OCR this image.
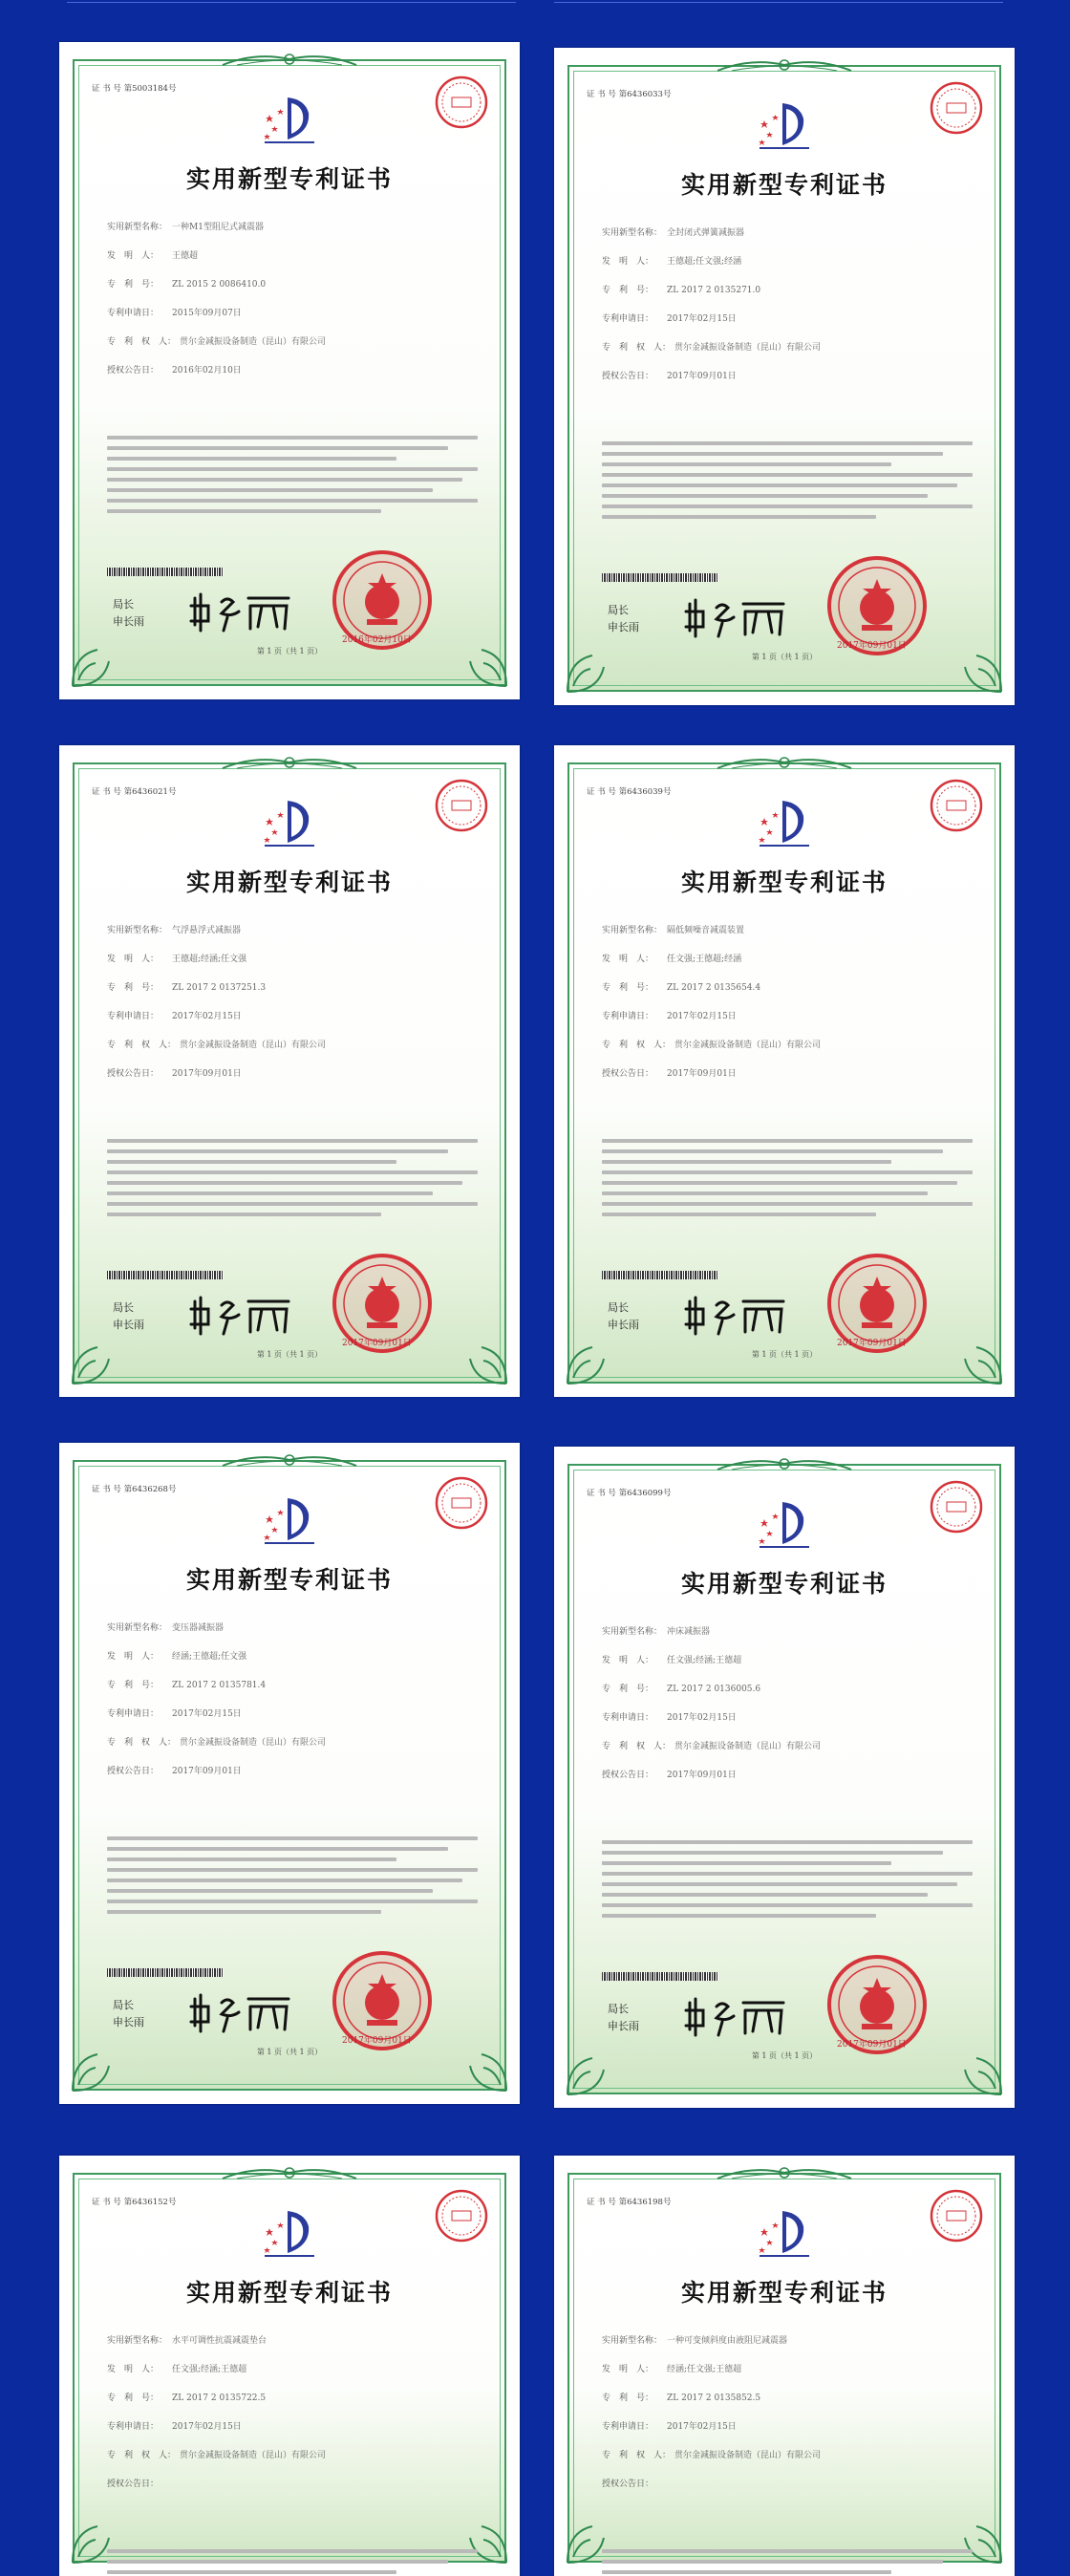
证 书 号 第5003184号
实用新型专利证书
实用新型名称： 一种M1型阻尼式减震器
发　明　人： 王德超
专　利　号： ZL 2015 2 0086410.0
专利申请日： 2015年09月07日
专　利　权　人： 贯尔金减振设备制造（昆山）有限公司
授权公告日： 2016年02月10日
局长
申长雨
2016年02月10日
第 1 页（共 1 页）
证 书 号 第6436033号
实用新型专利证书
实用新型名称： 全封闭式弹簧减振器
发　明　人： 王德超;任文强;经涵
专　利　号： ZL 2017 2 0135271.0
专利申请日： 2017年02月15日
专　利　权　人： 贯尔金减振设备制造（昆山）有限公司
授权公告日： 2017年09月01日
局长
申长雨
2017年09月01日
第 1 页（共 1 页）
证 书 号 第6436021号
实用新型专利证书
实用新型名称： 气浮悬浮式减振器
发　明　人： 王德超;经涵;任文强
专　利　号： ZL 2017 2 0137251.3
专利申请日： 2017年02月15日
专　利　权　人： 贯尔金减振设备制造（昆山）有限公司
授权公告日： 2017年09月01日
局长
申长雨
2017年09月01日
第 1 页（共 1 页）
证 书 号 第6436039号
实用新型专利证书
实用新型名称： 隔低频噪音减震装置
发　明　人： 任文强;王德超;经涵
专　利　号： ZL 2017 2 0135654.4
专利申请日： 2017年02月15日
专　利　权　人： 贯尔金减振设备制造（昆山）有限公司
授权公告日： 2017年09月01日
局长
申长雨
2017年09月01日
第 1 页（共 1 页）
证 书 号 第6436268号
实用新型专利证书
实用新型名称： 变压器减振器
发　明　人： 经涵;王德超;任文强
专　利　号： ZL 2017 2 0135781.4
专利申请日： 2017年02月15日
专　利　权　人： 贯尔金减振设备制造（昆山）有限公司
授权公告日： 2017年09月01日
局长
申长雨
2017年09月01日
第 1 页（共 1 页）
证 书 号 第6436099号
实用新型专利证书
实用新型名称： 冲床减振器
发　明　人： 任文强;经涵;王德超
专　利　号： ZL 2017 2 0136005.6
专利申请日： 2017年02月15日
专　利　权　人： 贯尔金减振设备制造（昆山）有限公司
授权公告日： 2017年09月01日
局长
申长雨
2017年09月01日
第 1 页（共 1 页）
证 书 号 第6436152号
实用新型专利证书
实用新型名称： 水平可调性抗震减震垫台
发　明　人： 任文强;经涵;王德超
专　利　号： ZL 2017 2 0135722.5
专利申请日： 2017年02月15日
专　利　权　人： 贯尔金减振设备制造（昆山）有限公司
授权公告日：
证 书 号 第6436198号
实用新型专利证书
实用新型名称： 一种可变倾斜度由液阻尼减震器
发　明　人： 经涵;任文强;王德超
专　利　号： ZL 2017 2 0135852.5
专利申请日： 2017年02月15日
专　利　权　人： 贯尔金减振设备制造（昆山）有限公司
授权公告日：
